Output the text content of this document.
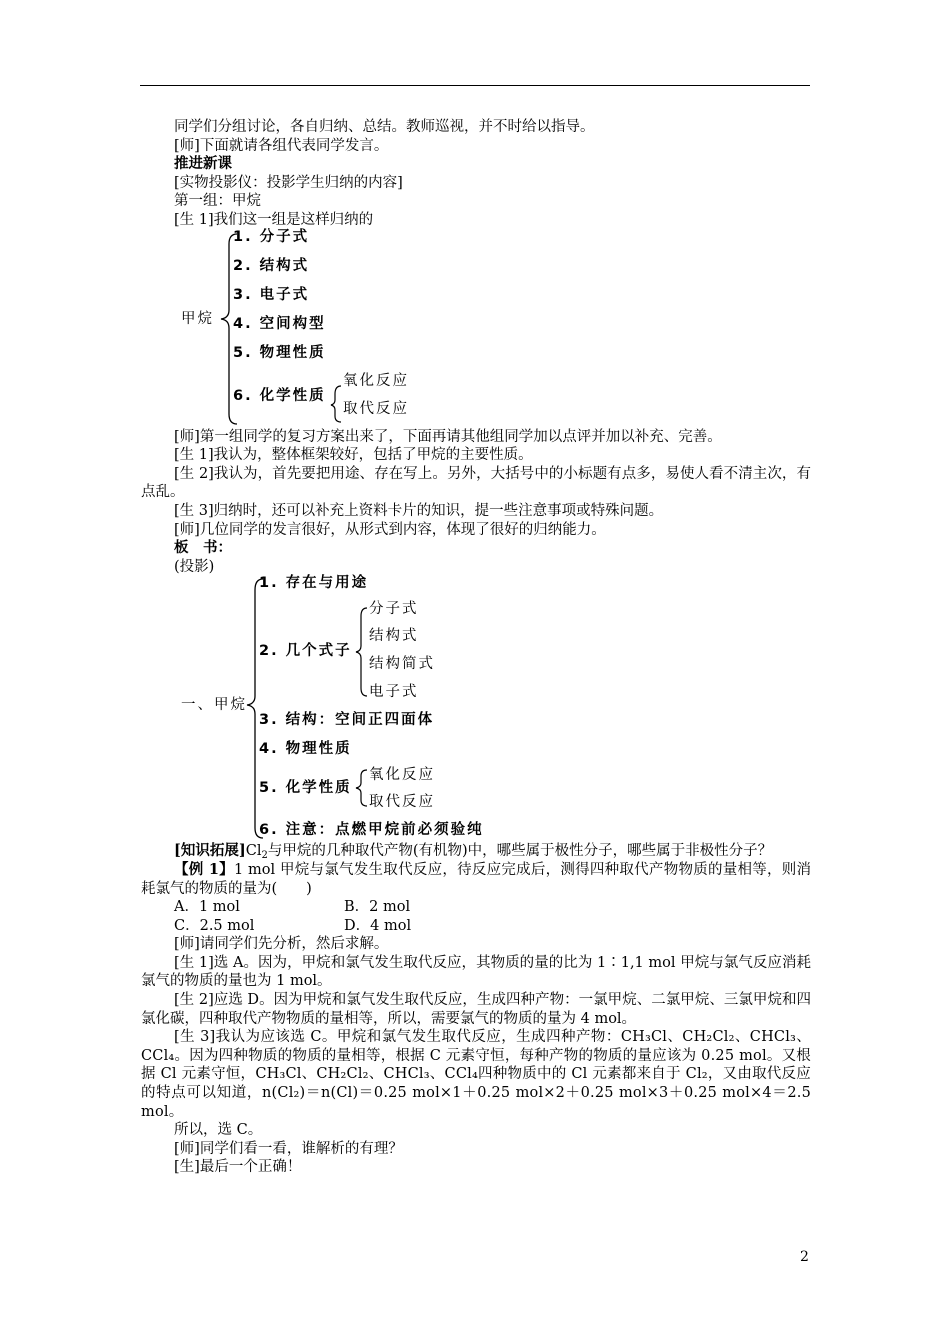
同学们分组讨论，各自归纳、总结。教师巡视，并不时给以指导。

[师]下面就请各组代表同学发言。

推进新课

[实物投影仪：投影学生归纳的内容]

第一组：甲烷

[生 1]我们这一组是这样归纳的

甲烷
1. 分子式
2. 结构式
3. 电子式
4. 空间构型
5. 物理性质
6. 化学性质
氧化反应
取代反应

[师]第一组同学的复习方案出来了，下面再请其他组同学加以点评并加以补充、完善。

[生 1]我认为，整体框架较好，包括了甲烷的主要性质。

[生 2]我认为，首先要把用途、存在写上。另外，大括号中的小标题有点多，易使人看不清主次，有点乱。

[生 3]归纳时，还可以补充上资料卡片的知识，提一些注意事项或特殊问题。

[师]几位同学的发言很好，从形式到内容，体现了很好的归纳能力。

板　书：

(投影)

一、甲烷
1. 存在与用途
2. 几个式子
3. 结构：空间正四面体
4. 物理性质
5. 化学性质
6. 注意：点燃甲烷前必须验纯
分子式
结构式
结构简式
电子式
氧化反应
取代反应

[知识拓展]$Cl_2$与甲烷的几种取代产物(有机物)中，哪些属于极性分子，哪些属于非极性分子？

【例 1】1 mol 甲烷与氯气发生取代反应，待反应完成后，测得四种取代产物物质的量相等，则消耗氯气的物质的量为(　　)

A．1 mol	B．2 mol

C．2.5 mol	D．4 mol

[师]请同学们先分析，然后求解。

[生 1]选 A。因为，甲烷和氯气发生取代反应，其物质的量的比为 1∶1,1 mol 甲烷与氯气反应消耗氯气的物质的量也为 1 mol。

[生 2]应选 D。因为甲烷和氯气发生取代反应，生成四种产物：一氯甲烷、二氯甲烷、三氯甲烷和四氯化碳，四种取代产物物质的量相等，所以，需要氯气的物质的量为 4 mol。

[生 3]我认为应该选 C。甲烷和氯气发生取代反应，生成四种产物：CH₃Cl、CH₂Cl₂、CHCl₃、CCl₄。因为四种物质的物质的量相等，根据 C 元素守恒，每种产物的物质的量应该为 0.25 mol。又根据 Cl 元素守恒，CH₃Cl、CH₂Cl₂、CHCl₃、CCl₄四种物质中的 Cl 元素都来自于 Cl₂，又由取代反应的特点可以知道，n(Cl₂)＝n(Cl)＝0.25 mol×1＋0.25 mol×2＋0.25 mol×3＋0.25 mol×4＝2.5 mol。

所以，选 C。

[师]同学们看一看，谁解析的有理？

[生]最后一个正确！

2
